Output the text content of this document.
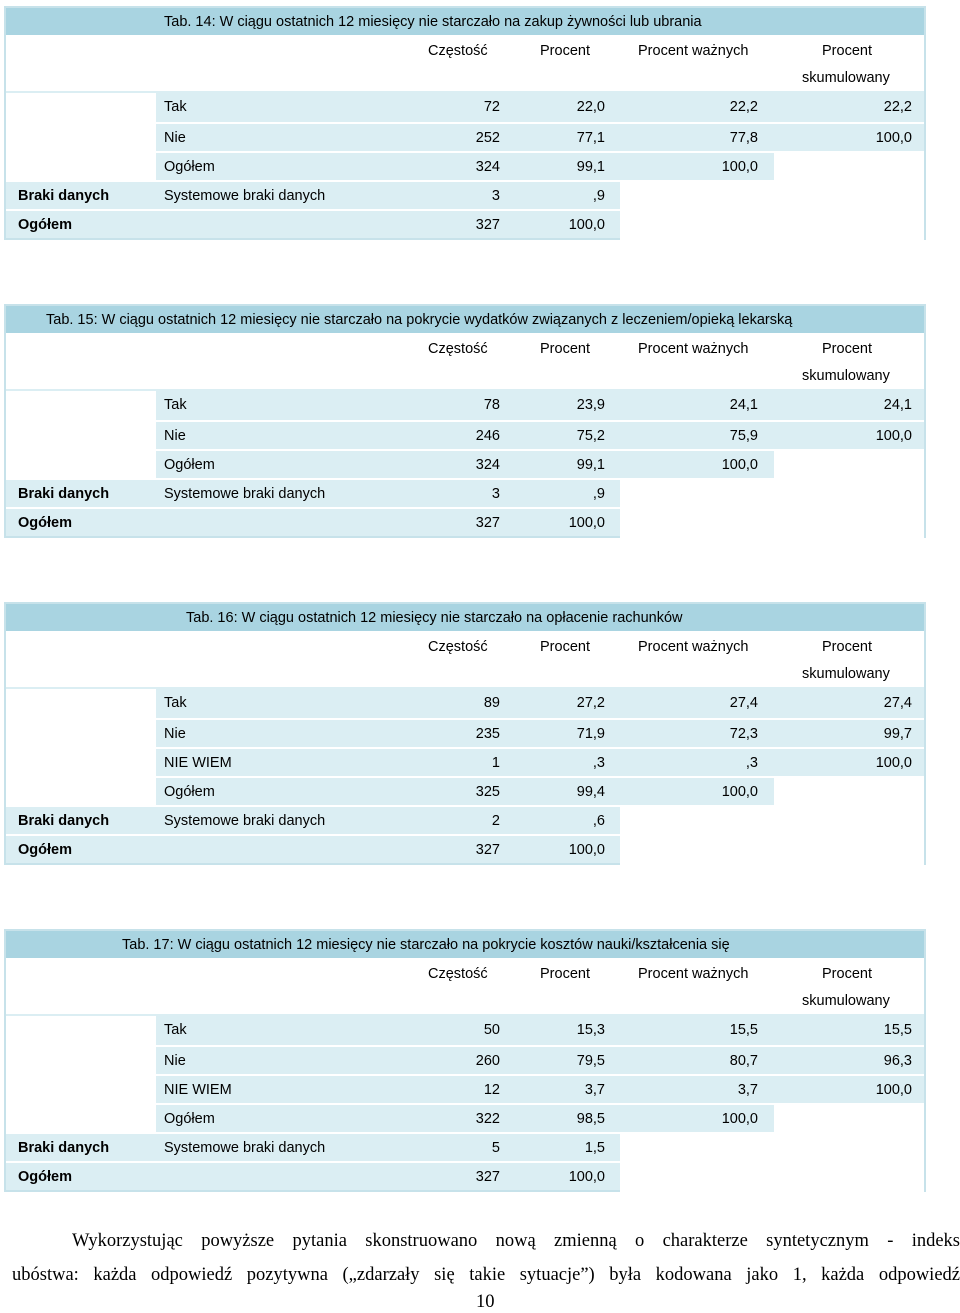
Tab. 14: W ciągu ostatnich 12 miesięcy nie starczało na zakup żywności lub ubrania
Częstość	Procent	Procent ważnych	Procent
skumulowany
Tak	72	22,0	22,2	22,2
Nie	252	77,1	77,8	100,0
Ogółem	324	99,1	100,0
Braki danych	Systemowe braki danych	3	,9
Ogółem	327	100,0
Tab. 15: W ciągu ostatnich 12 miesięcy nie starczało na pokrycie wydatków związanych z leczeniem/opieką lekarską
Częstość	Procent	Procent ważnych	Procent
skumulowany
Tak	78	23,9	24,1	24,1
Nie	246	75,2	75,9	100,0
Ogółem	324	99,1	100,0
Braki danych	Systemowe braki danych	3	,9
Ogółem	327	100,0
Tab. 16: W ciągu ostatnich 12 miesięcy nie starczało na opłacenie rachunków
Częstość	Procent	Procent ważnych	Procent
skumulowany
Tak	89	27,2	27,4	27,4
Nie	235	71,9	72,3	99,7
NIE WIEM	1	,3	,3	100,0
Ogółem	325	99,4	100,0
Braki danych	Systemowe braki danych	2	,6
Ogółem	327	100,0
Tab. 17: W ciągu ostatnich 12 miesięcy nie starczało na pokrycie kosztów nauki/kształcenia się
Częstość	Procent	Procent ważnych	Procent
skumulowany
Tak	50	15,3	15,5	15,5
Nie	260	79,5	80,7	96,3
NIE WIEM	12	3,7	3,7	100,0
Ogółem	322	98,5	100,0
Braki danych	Systemowe braki danych	5	1,5
Ogółem	327	100,0
Wykorzystując powyższe pytania skonstruowano nową zmienną o charakterze syntetycznym - indeks
ubóstwa: każda odpowiedź pozytywna („zdarzały się takie sytuacje”) była kodowana jako 1, każda odpowiedź
10
